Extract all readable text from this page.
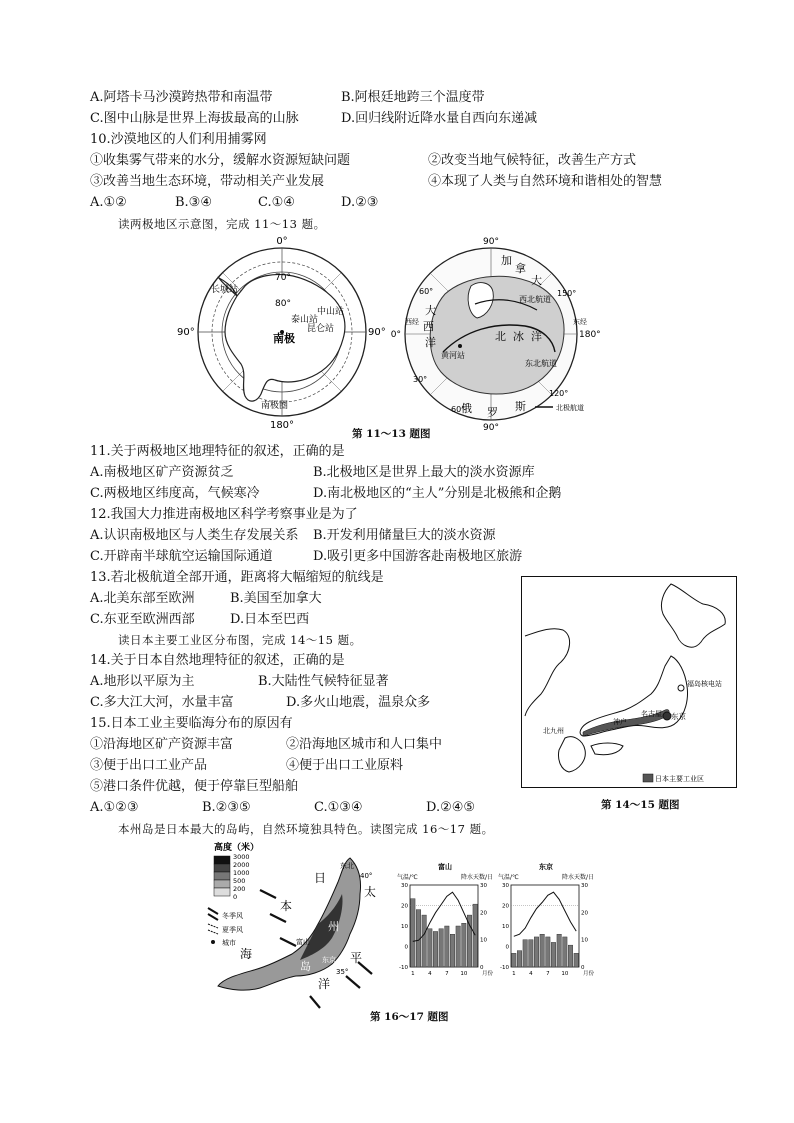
A.阿塔卡马沙漠跨热带和南温带	B.阿根廷地跨三个温度带
C.图中山脉是世界上海拔最高的山脉	D.回归线附近降水量自西向东递减
10.沙漠地区的人们利用捕雾网
①收集雾气带来的水分，缓解水资源短缺问题	②改变当地气候特征，改善生产方式
③改善当地生态环境，带动相关产业发展	④本现了人类与自然环境和谐相处的智慧
A.①②	B.③④	C.①④	D.②③
读两极地区示意图，完成 11～13 题。
0°
180°
90°	90°
70°
80°
长城站
中山站
泰山站
昆仑站
南极
南极圈
90°
90°
0°	180°
150°
120°
60°
30°
60°
加
拿
大
大
西
洋	北 冰 洋
俄 罗 斯
黄河站
西北航道
东北航道
西经	东经
北极航道
第 11～13 题图
11.关于两极地区地理特征的叙述，正确的是
A.南极地区矿产资源贫乏	B.北极地区是世界上最大的淡水资源库
C.两极地区纬度高，气候寒冷	D.南北极地区的“主人”分别是北极熊和企鹅
12.我国大力推进南极地区科学考察事业是为了
A.认识南极地区与人类生存发展关系 B.开发利用储量巨大的淡水资源
C.开辟南半球航空运输国际通道	D.吸引更多中国游客赴南极地区旅游
13.若北极航道全部开通，距离将大幅缩短的航线是
A.北美东部至欧洲	B.美国至加拿大
C.东亚至欧洲西部	D.日本至巴西
读日本主要工业区分布图，完成 14～15 题。
福岛核电站
东京
名古屋
神户
北九州
日本主要工业区
第 14～15 题图
14.关于日本自然地理特征的叙述，正确的是
A.地形以平原为主	B.大陆性气候特征显著
C.多大江大河，水量丰富	D.多火山地震，温泉众多
15.日本工业主要临海分布的原因有
①沿海地区矿产资源丰富	②沿海地区城市和人口集中
③便于出口工业产品	④便于出口工业原料
⑤港口条件优越，便于停靠巨型船舶
A.①②③	B.②③⑤	C.①③④	D.②④⑤
本州岛是日本最大的岛屿，自然环境独具特色。读图完成 16～17 题。
高度（米）
3000
2000
1000
500
200
0
冬季风
夏季风
城市
日
本
海
太
平
洋
州
岛
东北
富山
东京
40°
35°
富山
气温/℃	降水天数/日
30
20
10
0
-10
30
20
10
0
1 4 7 10	月份
东京
气温/℃	降水天数/日
30
20
10
0
-10
30
20
10
0
1 4 7 10	月份
第 16～17 题图
